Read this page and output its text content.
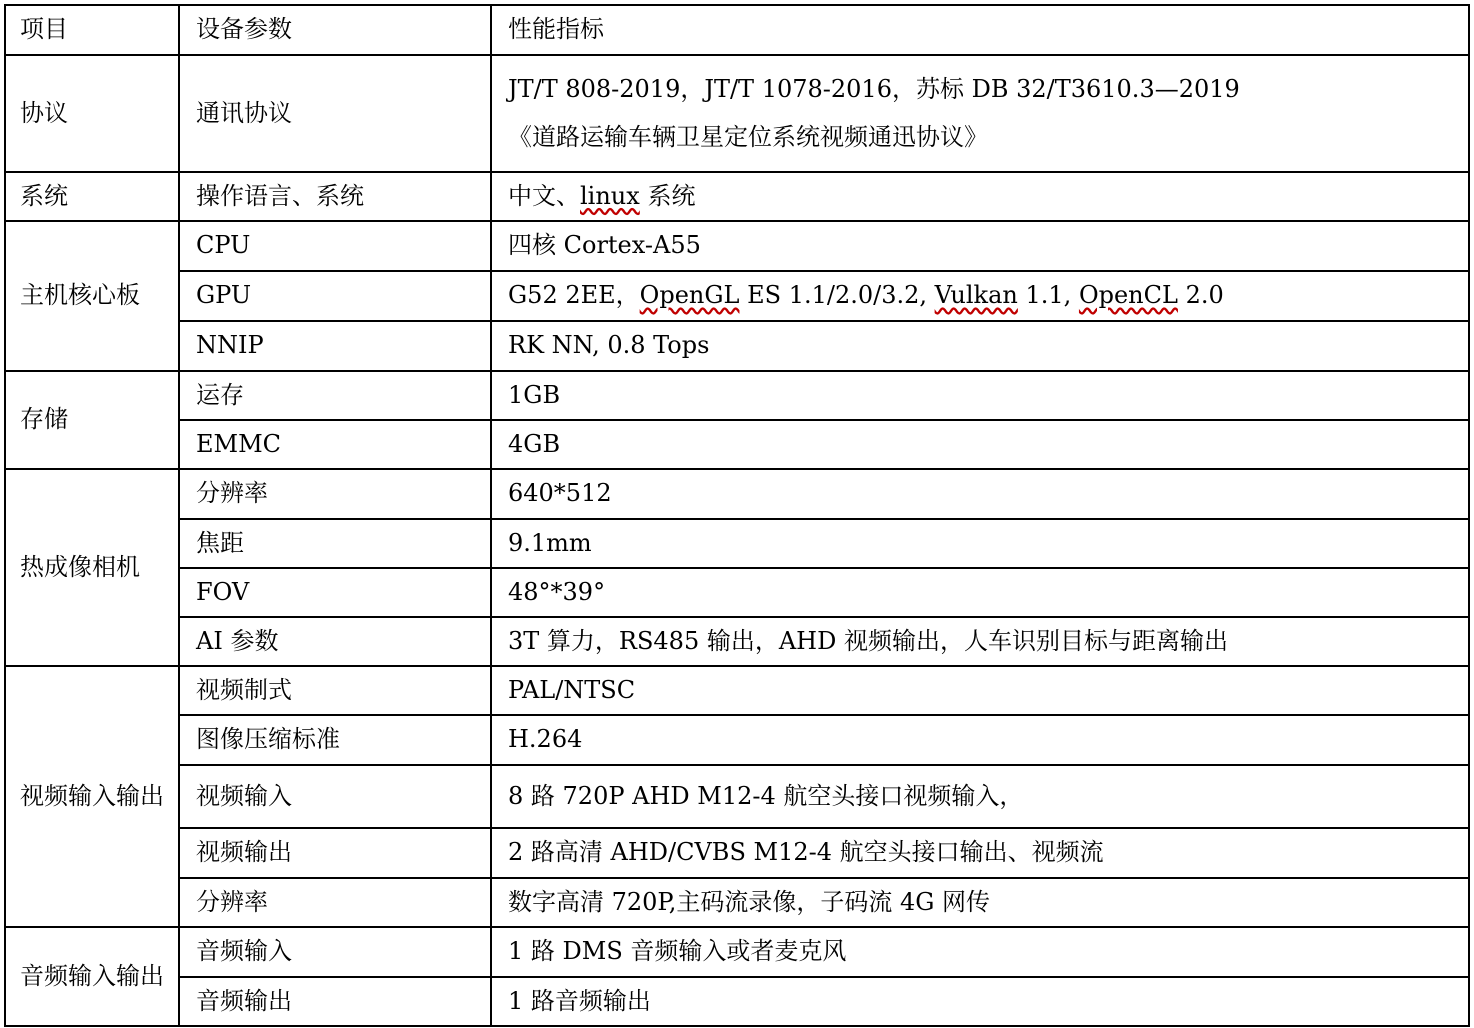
项目	设备参数	性能指标
协议	通讯协议	JT/T 808-2019，JT/T 1078-2016，苏标 DB 32/T3610.3—2019
《道路运输车辆卫星定位系统视频通迅协议》

系统	操作语言、系统	中文、linux 系统
主机核心板	CPU	四核 Cortex-A55
	GPU	G52 2EE，OpenGL ES 1.1/2.0/3.2, Vulkan 1.1, OpenCL 2.0
	NNIP	RK NN, 0.8 Tops
存储	运存	1GB
	EMMC	4GB
热成像相机	分辨率	640*512
	焦距	9.1mm
	FOV	48°*39°
	AI 参数	3T 算力，RS485 输出，AHD 视频输出，人车识别目标与距离输出
视频输入输出	视频制式	PAL/NTSC
	图像压缩标准	H.264
	视频输入	8 路 720P AHD M12-4 航空头接口视频输入，
	视频输出	2 路高清 AHD/CVBS M12-4 航空头接口输出、视频流
	分辨率	数字高清 720P,主码流录像，子码流 4G 网传
音频输入输出	音频输入	1 路 DMS 音频输入或者麦克风
	音频输出	1 路音频输出
